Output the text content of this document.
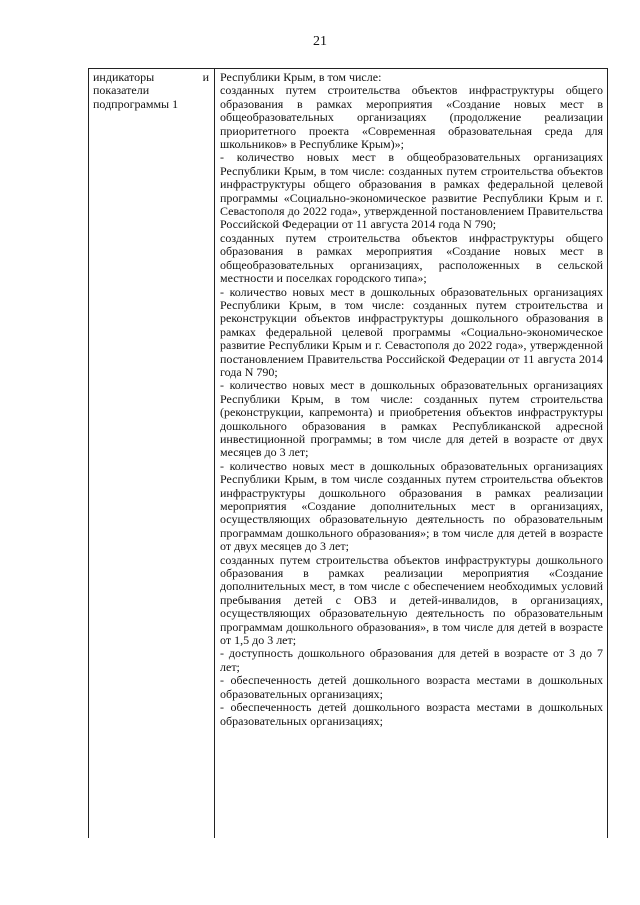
21
индикаторы	и
показатели
подпрограммы 1

Республики Крым, в том числе:

созданных путем строительства объектов инфраструктуры общего образования в рамках мероприятия «Создание новых мест в общеобразовательных организациях (продолжение реализации приоритетного проекта «Современная образовательная среда для школьников» в Республике Крым)»;

- количество новых мест в общеобразовательных организациях Республики Крым, в том числе: созданных путем строительства объектов инфраструктуры общего образования в рамках федеральной целевой программы «Социально-экономическое развитие Республики Крым и г. Севастополя до 2022 года», утвержденной постановлением Правительства Российской Федерации от 11 августа 2014 года N 790;

созданных путем строительства объектов инфраструктуры общего образования в рамках мероприятия «Создание новых мест в общеобразовательных организациях, расположенных в сельской местности и поселках городского типа»;

- количество новых мест в дошкольных образовательных организациях Республики Крым, в том числе: созданных путем строительства и реконструкции объектов инфраструктуры дошкольного образования в рамках федеральной целевой программы «Социально-экономическое развитие Республики Крым и г. Севастополя до 2022 года», утвержденной постановлением Правительства Российской Федерации от 11 августа 2014 года N 790;

- количество новых мест в дошкольных образовательных организациях Республики Крым, в том числе: созданных путем строительства (реконструкции, капремонта) и приобретения объектов инфраструктуры дошкольного образования в рамках Республиканской адресной инвестиционной программы; в том числе для детей в возрасте от двух месяцев до 3 лет;

- количество новых мест в дошкольных образовательных организациях Республики Крым, в том числе созданных путем строительства объектов инфраструктуры дошкольного образования в рамках реализации мероприятия «Создание дополнительных мест в организациях, осуществляющих образовательную деятельность по образовательным программам дошкольного образования»; в том числе для детей в возрасте от двух месяцев до 3 лет;

созданных путем строительства объектов инфраструктуры дошкольного образования в рамках реализации мероприятия «Создание дополнительных мест, в том числе с обеспечением необходимых условий пребывания детей с ОВЗ и детей-инвалидов, в организациях, осуществляющих образовательную деятельность по образовательным программам дошкольного образования», в том числе для детей в возрасте от 1,5 до 3 лет;

- доступность дошкольного образования для детей в возрасте от 3 до 7 лет;

- обеспеченность детей дошкольного возраста местами в дошкольных образовательных организациях;

- обеспеченность детей дошкольного возраста местами в дошкольных образовательных организациях;
